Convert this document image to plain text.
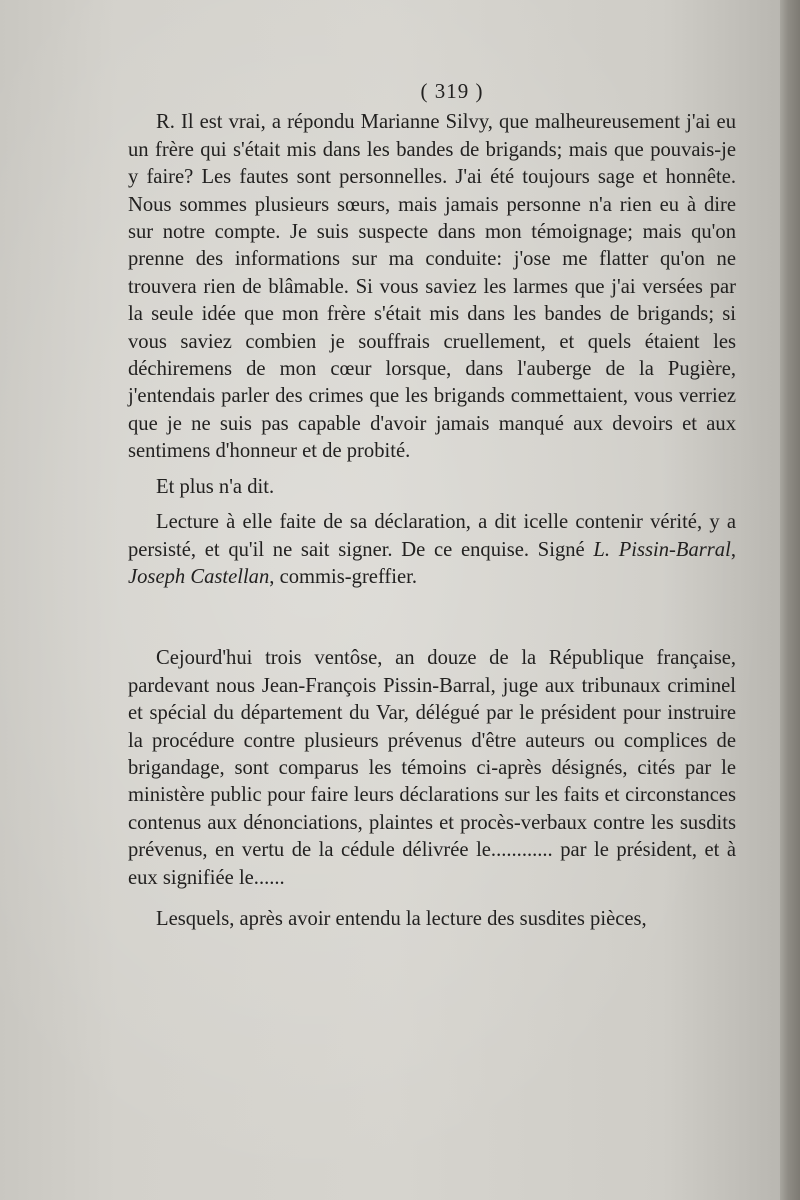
( 319 )

R. Il est vrai, a répondu Marianne Silvy, que malheureusement j'ai eu un frère qui s'était mis dans les bandes de brigands; mais que pouvais-je y faire? Les fautes sont personnelles. J'ai été toujours sage et honnête. Nous sommes plusieurs sœurs, mais jamais personne n'a rien eu à dire sur notre compte. Je suis suspecte dans mon témoignage; mais qu'on prenne des informations sur ma conduite: j'ose me flatter qu'on ne trouvera rien de blâmable. Si vous saviez les larmes que j'ai versées par la seule idée que mon frère s'était mis dans les bandes de brigands; si vous saviez combien je souffrais cruellement, et quels étaient les déchiremens de mon cœur lorsque, dans l'auberge de la Pugière, j'entendais parler des crimes que les brigands commettaient, vous verriez que je ne suis pas capable d'avoir jamais manqué aux devoirs et aux sentimens d'honneur et de probité.

Et plus n'a dit.

Lecture à elle faite de sa déclaration, a dit icelle contenir vérité, y a persisté, et qu'il ne sait signer. De ce enquise. Signé L. Pissin-Barral, Joseph Castellan, commis-greffier.

Cejourd'hui trois ventôse, an douze de la République française, pardevant nous Jean-François Pissin-Barral, juge aux tribunaux criminel et spécial du département du Var, délégué par le président pour instruire la procédure contre plusieurs prévenus d'être auteurs ou complices de brigandage, sont comparus les témoins ci-après désignés, cités par le ministère public pour faire leurs déclarations sur les faits et circonstances contenus aux dénonciations, plaintes et procès-verbaux contre les susdits prévenus, en vertu de la cédule délivrée le............ par le président, et à eux signifiée le......

Lesquels, après avoir entendu la lecture des susdites pièces,
